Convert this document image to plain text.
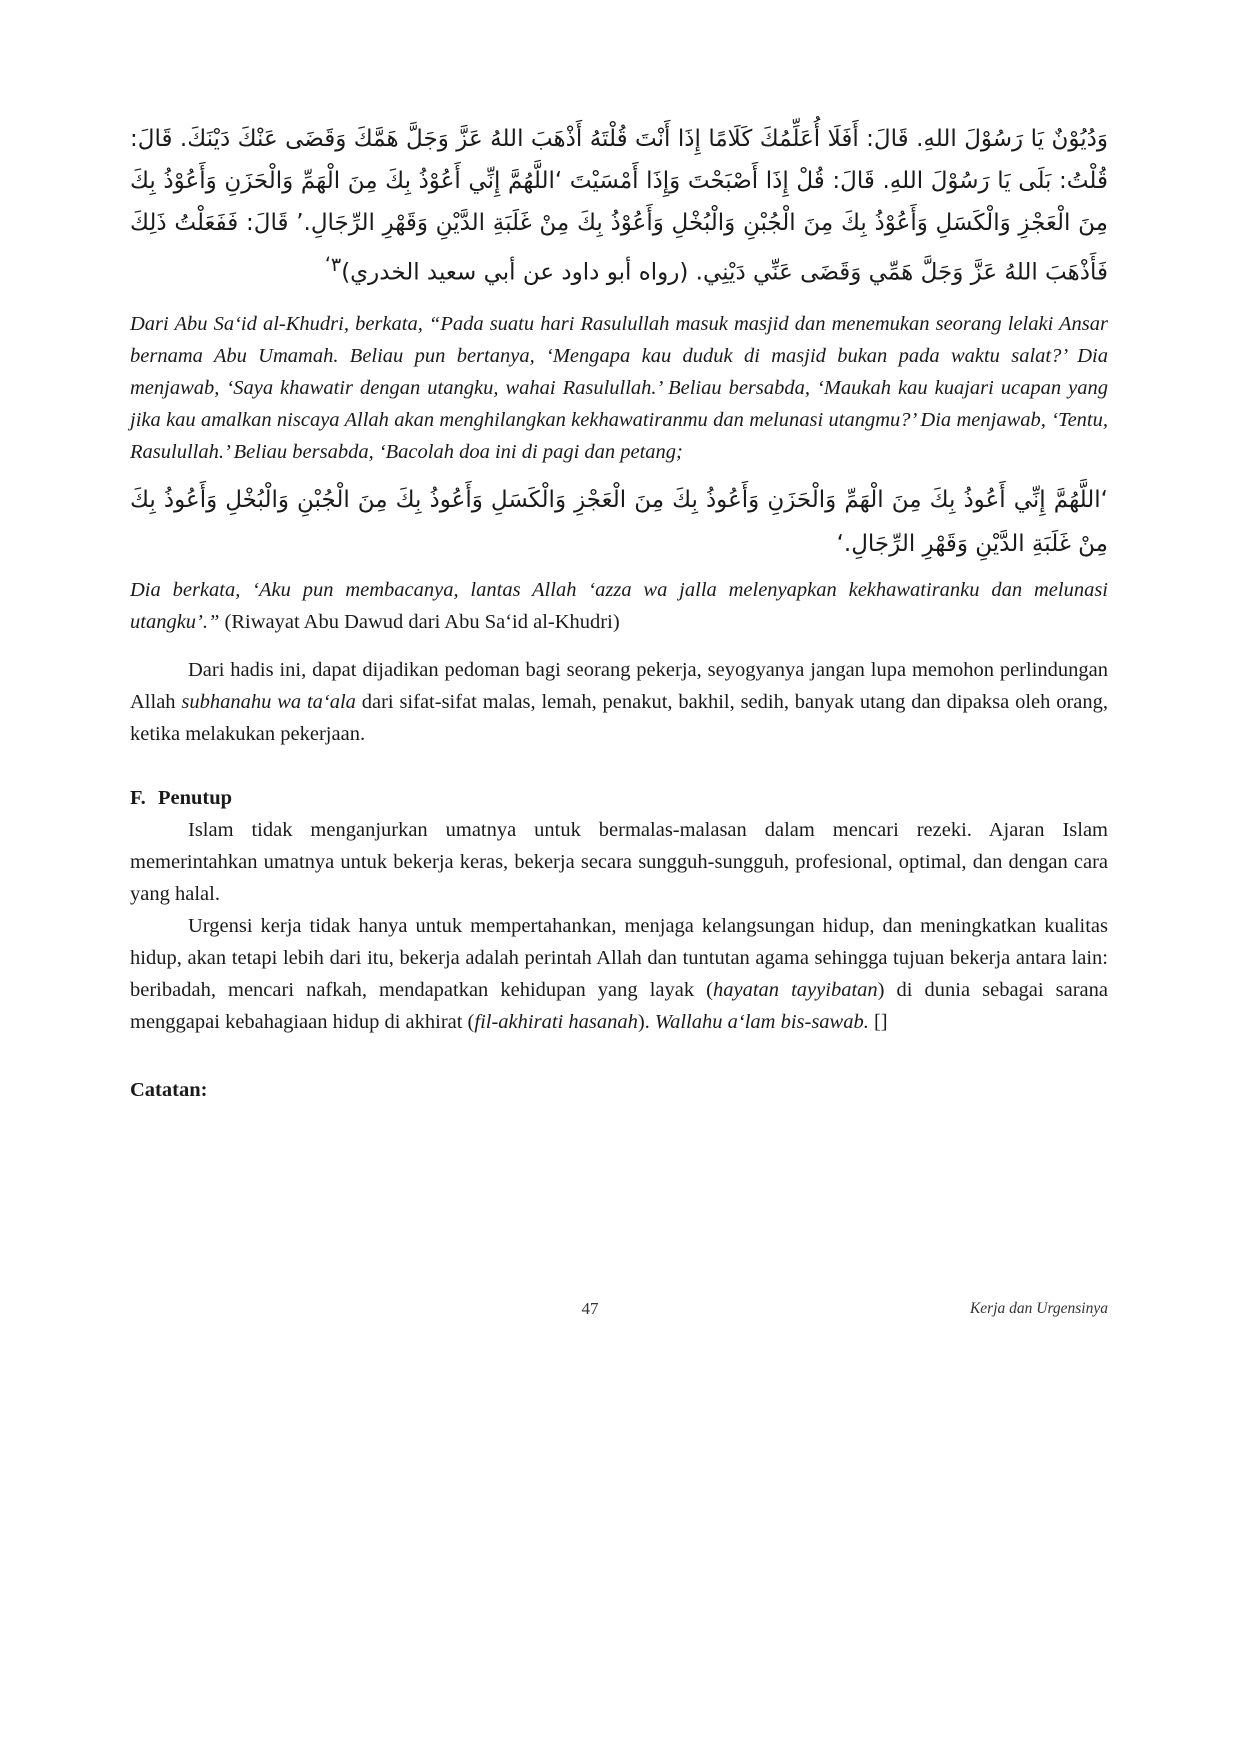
وَدُيُوْنٌ يَا رَسُوْلَ اللهِ. قَالَ: أَفَلَا أُعَلِّمُكَ كَلَامًا إِذَا أَنْتَ قُلْتَهُ أَذْهَبَ اللهُ عَزَّ وَجَلَّ هَمَّكَ وَقَضَى عَنْكَ دَيْنَكَ. قَالَ: قُلْتُ: بَلَى يَا رَسُوْلَ اللهِ. قَالَ: قُلْ إِذَا أَصْبَحْتَ وَإِذَا أَمْسَيْتَ ‘اللَّهُمَّ إِنِّي أَعُوْذُ بِكَ مِنَ الْهَمِّ وَالْحَزَنِ وَأَعُوْذُ بِكَ مِنَ الْعَجْزِ وَالْكَسَلِ وَأَعُوْذُ بِكَ مِنَ الْجُبْنِ وَالْبُخْلِ وَأَعُوْذُ بِكَ مِنْ غَلَبَةِ الدَّيْنِ وَقَهْرِ الرِّجَالِ.’ قَالَ: فَفَعَلْتُ ذَلِكَ فَأَذْهَبَ اللهُ عَزَّ وَجَلَّ هَمِّي وَقَضَى عَنِّي دَيْنِي. (رواه أبو داود عن أبي سعيد الخدري)$^{٣‘}$

Dari Abu Sa‘id al-Khudri, berkata, “Pada suatu hari Rasulullah masuk masjid dan menemukan seorang lelaki Ansar bernama Abu Umamah. Beliau pun bertanya, ‘Mengapa kau duduk di masjid bukan pada waktu salat?’ Dia menjawab, ‘Saya khawatir dengan utangku, wahai Rasulullah.’ Beliau bersabda, ‘Maukah kau kuajari ucapan yang jika kau amalkan niscaya Allah akan menghilangkan kekhawatiranmu dan melunasi utangmu?’ Dia menjawab, ‘Tentu, Rasulullah.’ Beliau bersabda, ‘Bacolah doa ini di pagi dan petang;

‘اللَّهُمَّ إِنِّي أَعُوذُ بِكَ مِنَ الْهَمِّ وَالْحَزَنِ وَأَعُوذُ بِكَ مِنَ الْعَجْزِ وَالْكَسَلِ وَأَعُوذُ بِكَ مِنَ الْجُبْنِ وَالْبُخْلِ وَأَعُوذُ بِكَ مِنْ غَلَبَةِ الدَّيْنِ وَقَهْرِ الرِّجَالِ.‘

Dia berkata, ‘Aku pun membacanya, lantas Allah ‘azza wa jalla melenyapkan kekhawatiranku dan melunasi utangku’.” (Riwayat Abu Dawud dari Abu Sa‘id al-Khudri)

Dari hadis ini, dapat dijadikan pedoman bagi seorang pekerja, seyogyanya jangan lupa memohon perlindungan Allah subhanahu wa ta‘ala dari sifat-sifat malas, lemah, penakut, bakhil, sedih, banyak utang dan dipaksa oleh orang, ketika melakukan pekerjaan.

F. Penutup

Islam tidak menganjurkan umatnya untuk bermalas-malasan dalam mencari rezeki. Ajaran Islam memerintahkan umatnya untuk bekerja keras, bekerja secara sungguh-sungguh, profesional, optimal, dan dengan cara yang halal.

Urgensi kerja tidak hanya untuk mempertahankan, menjaga kelangsungan hidup, dan meningkatkan kualitas hidup, akan tetapi lebih dari itu, bekerja adalah perintah Allah dan tuntutan agama sehingga tujuan bekerja antara lain: beribadah, mencari nafkah, mendapatkan kehidupan yang layak (hayatan tayyibatan) di dunia sebagai sarana menggapai kebahagiaan hidup di akhirat (fil-akhirati hasanah). Wallahu a‘lam bis-sawab. []

Catatan:
47	Kerja dan Urgensinya
